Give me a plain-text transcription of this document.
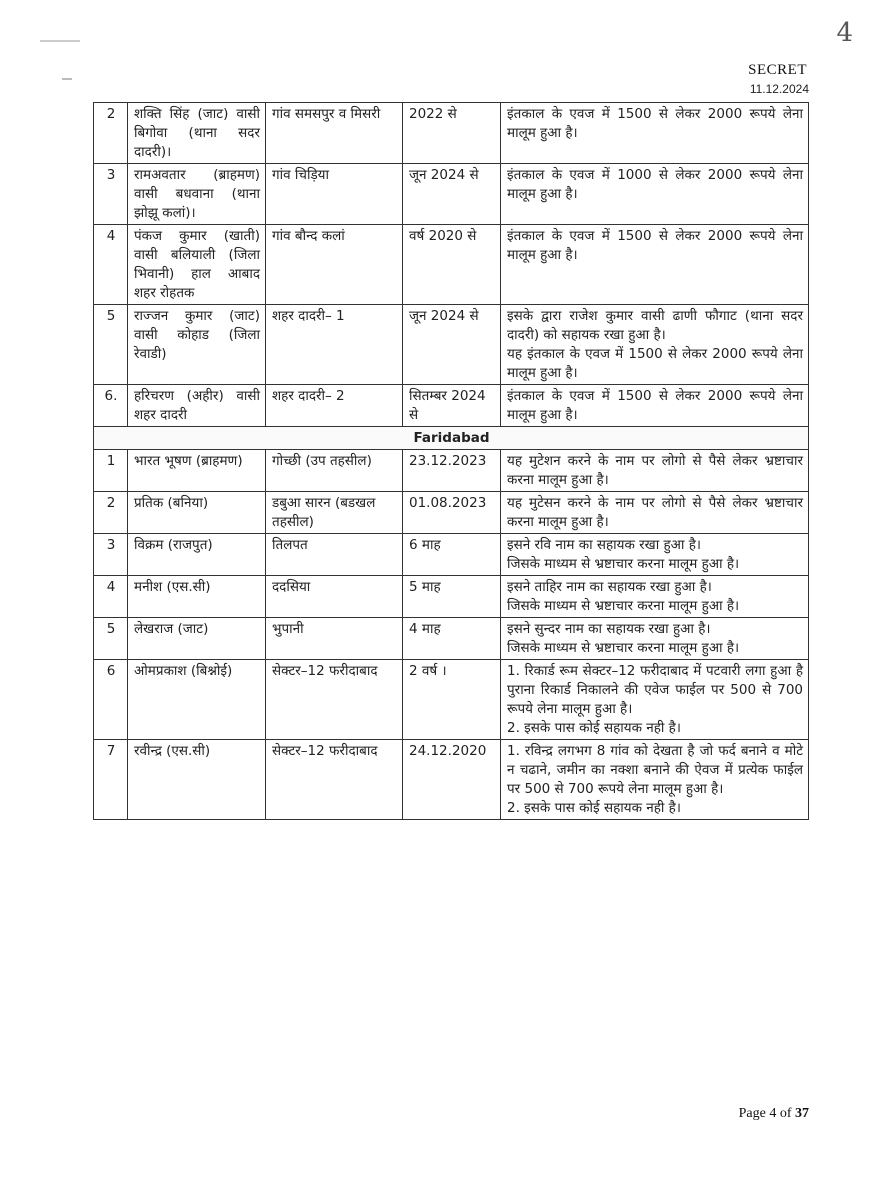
4
SECRET
11.12.2024
2	शक्ति सिंह (जाट) वासी बिगोवा (थाना सदर दादरी)।	गांव समसपुर व मिसरी	2022 से	इंतकाल के एवज में 1500 से लेकर 2000 रूपये लेना मालूम हुआ है।

3	रामअवतार (ब्राहमण) वासी बधवाना (थाना झोझू कलां)।	गांव चिड़िया	जून 2024 से	इंतकाल के एवज में 1000 से लेकर 2000 रूपये लेना मालूम हुआ है।

4	पंकज कुमार (खाती) वासी बलियाली (जिला भिवानी) हाल आबाद शहर रोहतक	गांव बौन्द कलां	वर्ष 2020 से	इंतकाल के एवज में 1500 से लेकर 2000 रूपये लेना मालूम हुआ है।

5	राज्जन कुमार (जाट) वासी कोहाड (जिला रेवाडी)	शहर दादरी– 1	जून 2024 से	इसके द्वारा राजेश कुमार वासी ढाणी फौगाट (थाना सदर दादरी) को सहायक रखा हुआ है।
यह इंतकाल के एवज में 1500 से लेकर 2000 रूपये लेना मालूम हुआ है।

6.	हरिचरण (अहीर) वासी शहर दादरी	शहर दादरी– 2	सितम्बर 2024 से	इंतकाल के एवज में 1500 से लेकर 2000 रूपये लेना मालूम हुआ है।

Faridabad				
1	भारत भूषण (ब्राहमण)	गोच्छी (उप तहसील)	23.12.2023	यह मुटेशन करने के नाम पर लोगो से पैसे लेकर भ्रष्टाचार करना मालूम हुआ है।

2	प्रतिक (बनिया)	डबुआ सारन (बडखल तहसील)	01.08.2023	यह मुटेसन करने के नाम पर लोगो से पैसे लेकर भ्रष्टाचार करना मालूम हुआ है।

3	विक्रम (राजपुत)	तिलपत	6 माह	इसने रवि नाम का सहायक रखा हुआ है।
जिसके माध्यम से भ्रष्टाचार करना मालूम हुआ है।

4	मनीश (एस.सी)	ददसिया	5 माह	इसने ताहिर नाम का सहायक रखा हुआ है।
जिसके माध्यम से भ्रष्टाचार करना मालूम हुआ है।

5	लेखराज (जाट)	भुपानी	4 माह	इसने सुन्दर नाम का सहायक रखा हुआ है।
जिसके माध्यम से भ्रष्टाचार करना मालूम हुआ है।

6	ओमप्रकाश (बिश्नोई)	सेक्टर–12 फरीदाबाद	2 वर्ष ।	1. रिकार्ड रूम सेक्टर–12 फरीदाबाद में पटवारी लगा हुआ है पुराना रिकार्ड निकालने की एवेज फाईल पर 500 से 700 रूपये लेना मालूम हुआ है।
2. इसके पास कोई सहायक नही है।

7	रवीन्द्र (एस.सी)	सेक्टर–12 फरीदाबाद	24.12.2020	1. रविन्द्र लगभग 8 गांव को देखता है जो फर्द बनाने व मोटे न चढाने, जमीन का नक्शा बनाने की ऐवज में प्रत्येक फाईल पर 500 से 700 रूपये लेना मालूम हुआ है।
2. इसके पास कोई सहायक नही है।
Page 4 of 37
